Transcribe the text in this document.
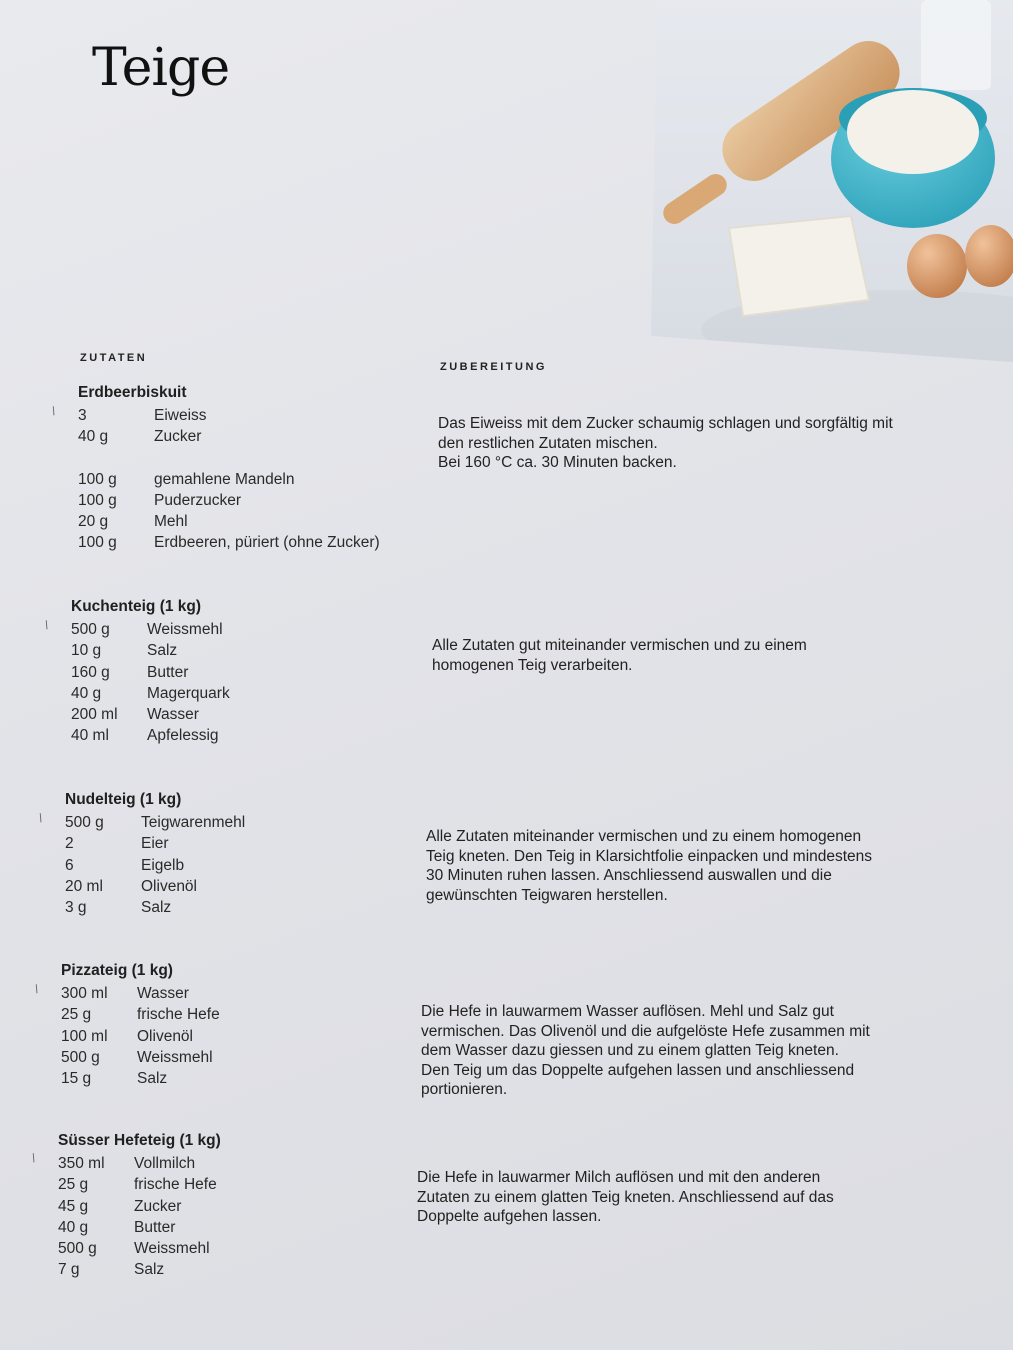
Teige
ZUTATEN
ZUBEREITUNG
/
Erdbeerbiskuit
3	Eiweiss
40 g	Zucker
100 g	gemahlene Mandeln
100 g	Puderzucker
20 g	Mehl
100 g	Erdbeeren, püriert (ohne Zucker)

Das Eiweiss mit dem Zucker schaumig schlagen und sorgfältig mit den restlichen Zutaten mischen.

Bei 160 °C ca. 30 Minuten backen.

/
Kuchenteig (1 kg)
500 g	Weissmehl
10 g	Salz
160 g	Butter
40 g	Magerquark
200 ml	Wasser
40 ml	Apfelessig

Alle Zutaten gut miteinander vermischen und zu einem homogenen Teig verarbeiten.

/
Nudelteig (1 kg)
500 g	Teigwarenmehl
2	Eier
6	Eigelb
20 ml	Olivenöl
3 g	Salz

Alle Zutaten miteinander vermischen und zu einem homogenen Teig kneten. Den Teig in Klarsichtfolie einpacken und mindestens 30 Minuten ruhen lassen. Anschliessend auswallen und die gewünschten Teigwaren herstellen.

/
Pizzateig (1 kg)
300 ml	Wasser
25 g	frische Hefe
100 ml	Olivenöl
500 g	Weissmehl
15 g	Salz

Die Hefe in lauwarmem Wasser auflösen. Mehl und Salz gut vermischen. Das Olivenöl und die aufgelöste Hefe zusammen mit dem Wasser dazu giessen und zu einem glatten Teig kneten.

Den Teig um das Doppelte aufgehen lassen und anschliessend portionieren.

/
Süsser Hefeteig (1 kg)
350 ml	Vollmilch
25 g	frische Hefe
45 g	Zucker
40 g	Butter
500 g	Weissmehl
7 g	Salz

Die Hefe in lauwarmer Milch auflösen und mit den anderen Zutaten zu einem glatten Teig kneten. Anschliessend auf das Doppelte aufgehen lassen.
